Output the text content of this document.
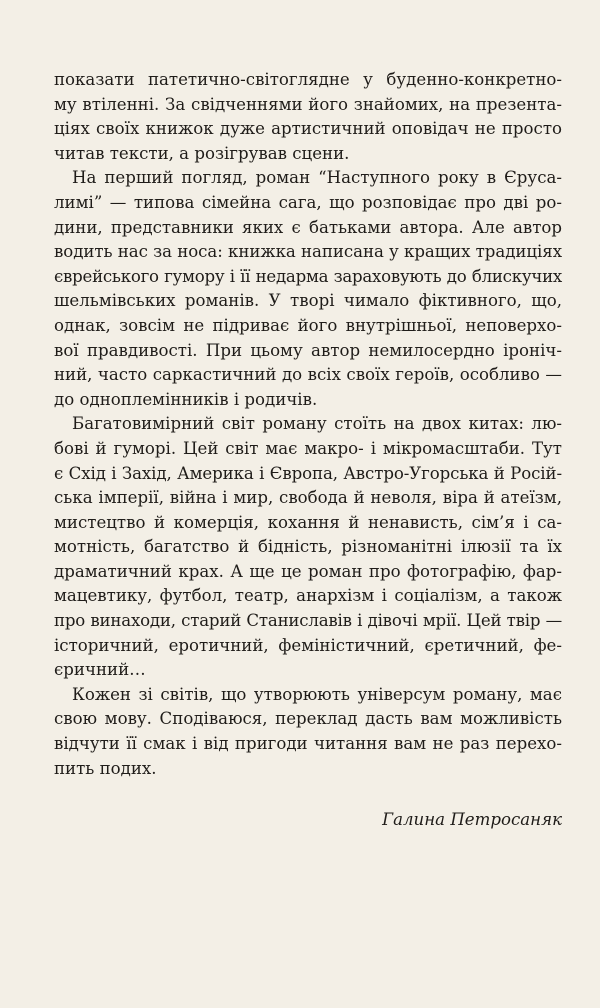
показати патетично-світоглядне у буденно-конкретно-
му втіленні. За свідченнями його знайомих, на презента-
ціях своїх книжок дуже артистичний оповідач не просто
читав тексти, а розігрував сцени.

На перший погляд, роман “Наступного року в Єруса-
лимі” — типова сімейна сага, що розповідає про дві ро-
дини, представники яких є батьками автора. Але автор
водить нас за носа: книжка написана у кращих традиціях
єврейського гумору і її недарма зараховують до блискучих
шельмівських романів. У творі чимало фіктивного, що,
однак, зовсім не підриває його внутрішньої, неповерхо-
вої правдивості. При цьому автор немилосердно іроніч-
ний, часто саркастичний до всіх своїх героїв, особливо —
до одноплемінників і родичів.

Багатовимірний світ роману стоїть на двох китах: лю-
бові й гуморі. Цей світ має макро- і мікромасштаби. Тут
є Схід і Захід, Америка і Європа, Австро-Угорська й Росій-
ська імперії, війна і мир, свобода й неволя, віра й атеїзм,
мистецтво й комерція, кохання й ненависть, сім’я і са-
мотність, багатство й бідність, різноманітні ілюзії та їх
драматичний крах. А ще це роман про фотографію, фар-
мацевтику, футбол, театр, анархізм і соціалізм, а також
про винаходи, старий Станиславів і дівочі мрії. Цей твір —
історичний, еротичний, феміністичний, єретичний, фе-
єричний…

Кожен зі світів, що утворюють універсум роману, має
свою мову. Сподіваюся, переклад дасть вам можливість
відчути її смак і від пригоди читання вам не раз перехо-
пить подих.

Галина Петросаняк
